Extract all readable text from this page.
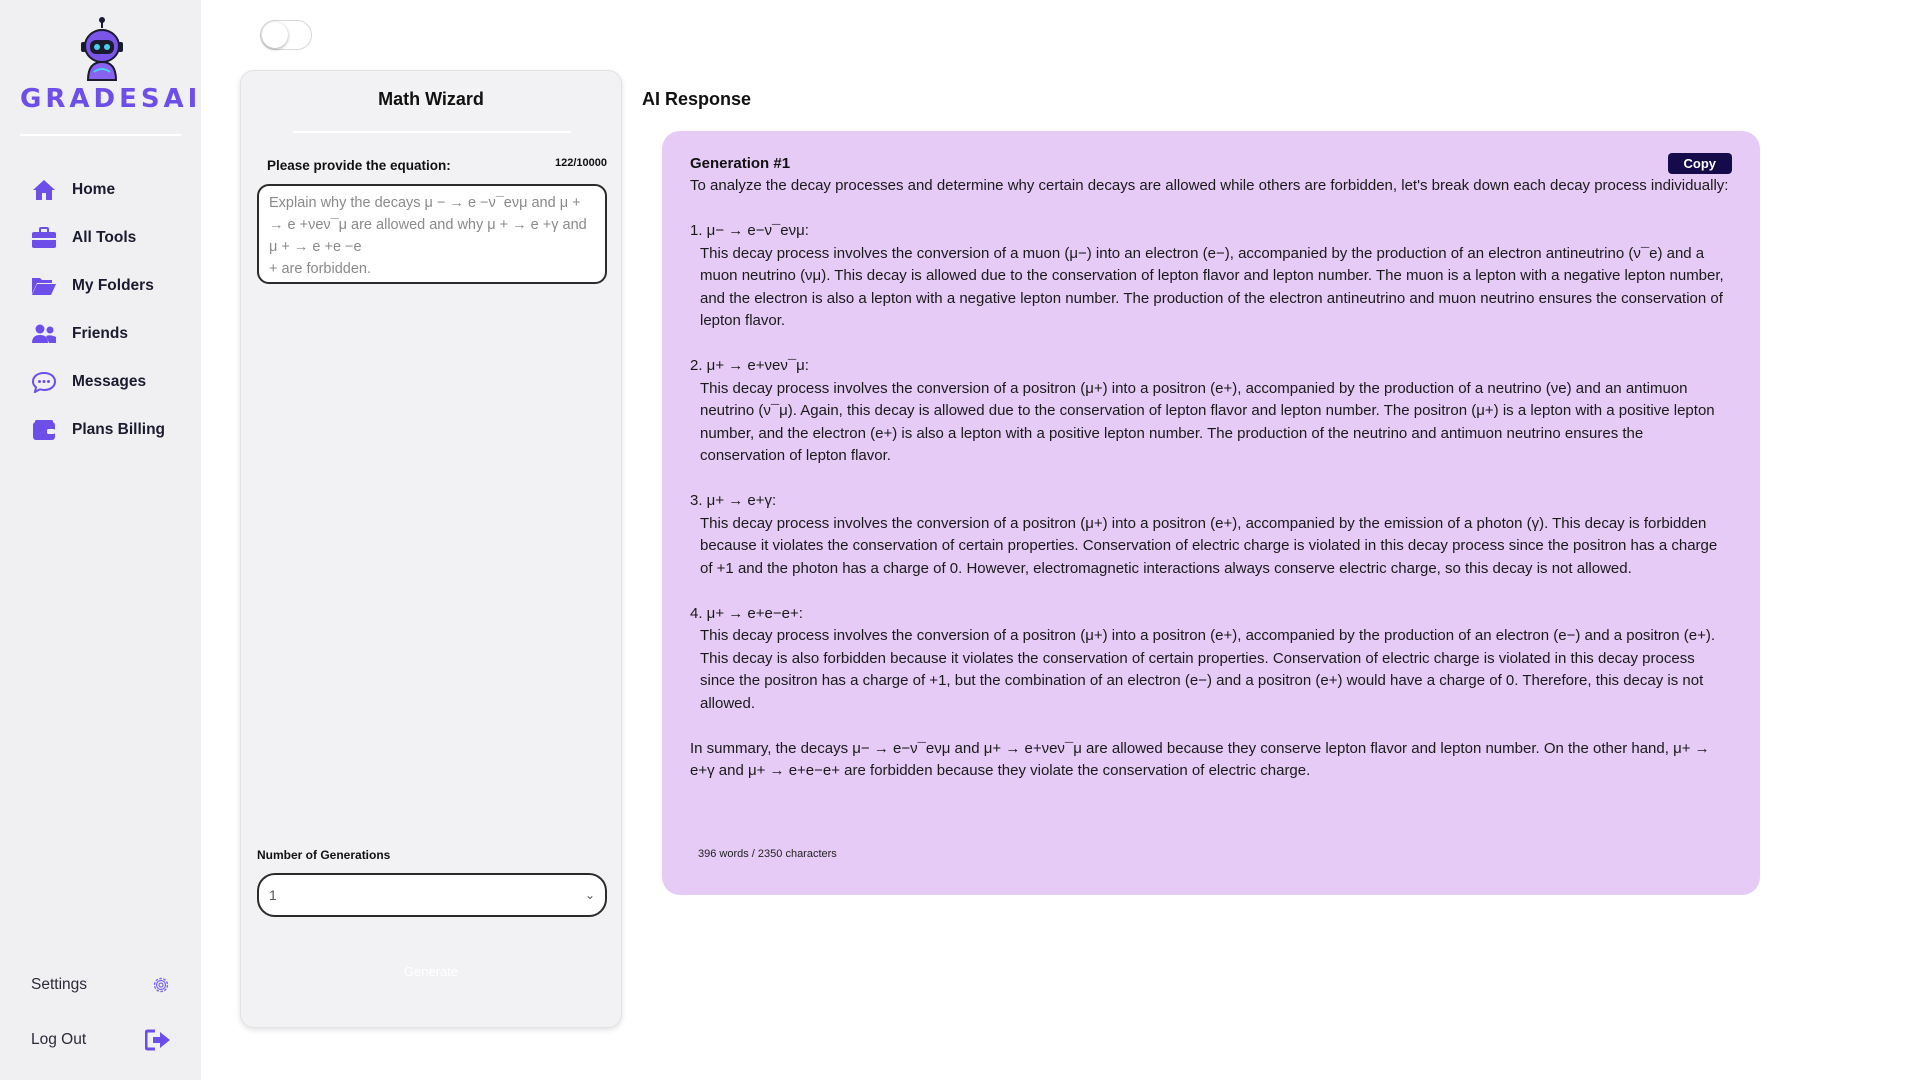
GRADESAI
Home
All Tools
My Folders
Friends
Messages
Plans Billing
Settings
Log Out
Math Wizard
Please provide the equation:	122/10000
Explain why the decays μ − → e −ν¯eνμ and μ + → e +νeν¯μ are allowed and why μ + → e +γ and μ + → e +e −e
+ are forbidden.
Number of Generations
1	⌄
Generate
AI Response
Generation #1	Copy

To analyze the decay processes and determine why certain decays are allowed while others are forbidden, let's break down each decay process individually:

1. μ− → e−ν¯eνμ:

This decay process involves the conversion of a muon (μ−) into an electron (e−), accompanied by the production of an electron antineutrino (ν¯e) and a muon neutrino (νμ). This decay is allowed due to the conservation of lepton flavor and lepton number. The muon is a lepton with a negative lepton number, and the electron is also a lepton with a negative lepton number. The production of the electron antineutrino and muon neutrino ensures the conservation of lepton flavor.

2. μ+ → e+νeν¯μ:

This decay process involves the conversion of a positron (μ+) into a positron (e+), accompanied by the production of a neutrino (νe) and an antimuon neutrino (ν¯μ). Again, this decay is allowed due to the conservation of lepton flavor and lepton number. The positron (μ+) is a lepton with a positive lepton number, and the electron (e+) is also a lepton with a positive lepton number. The production of the neutrino and antimuon neutrino ensures the conservation of lepton flavor.

3. μ+ → e+γ:

This decay process involves the conversion of a positron (μ+) into a positron (e+), accompanied by the emission of a photon (γ). This decay is forbidden because it violates the conservation of certain properties. Conservation of electric charge is violated in this decay process since the positron has a charge of +1 and the photon has a charge of 0. However, electromagnetic interactions always conserve electric charge, so this decay is not allowed.

4. μ+ → e+e−e+:

This decay process involves the conversion of a positron (μ+) into a positron (e+), accompanied by the production of an electron (e−) and a positron (e+). This decay is also forbidden because it violates the conservation of certain properties. Conservation of electric charge is violated in this decay process since the positron has a charge of +1, but the combination of an electron (e−) and a positron (e+) would have a charge of 0. Therefore, this decay is not allowed.

In summary, the decays μ− → e−ν¯eνμ and μ+ → e+νeν¯μ are allowed because they conserve lepton flavor and lepton number. On the other hand, μ+ → e+γ and μ+ → e+e−e+ are forbidden because they violate the conservation of electric charge.

396 words / 2350 characters
